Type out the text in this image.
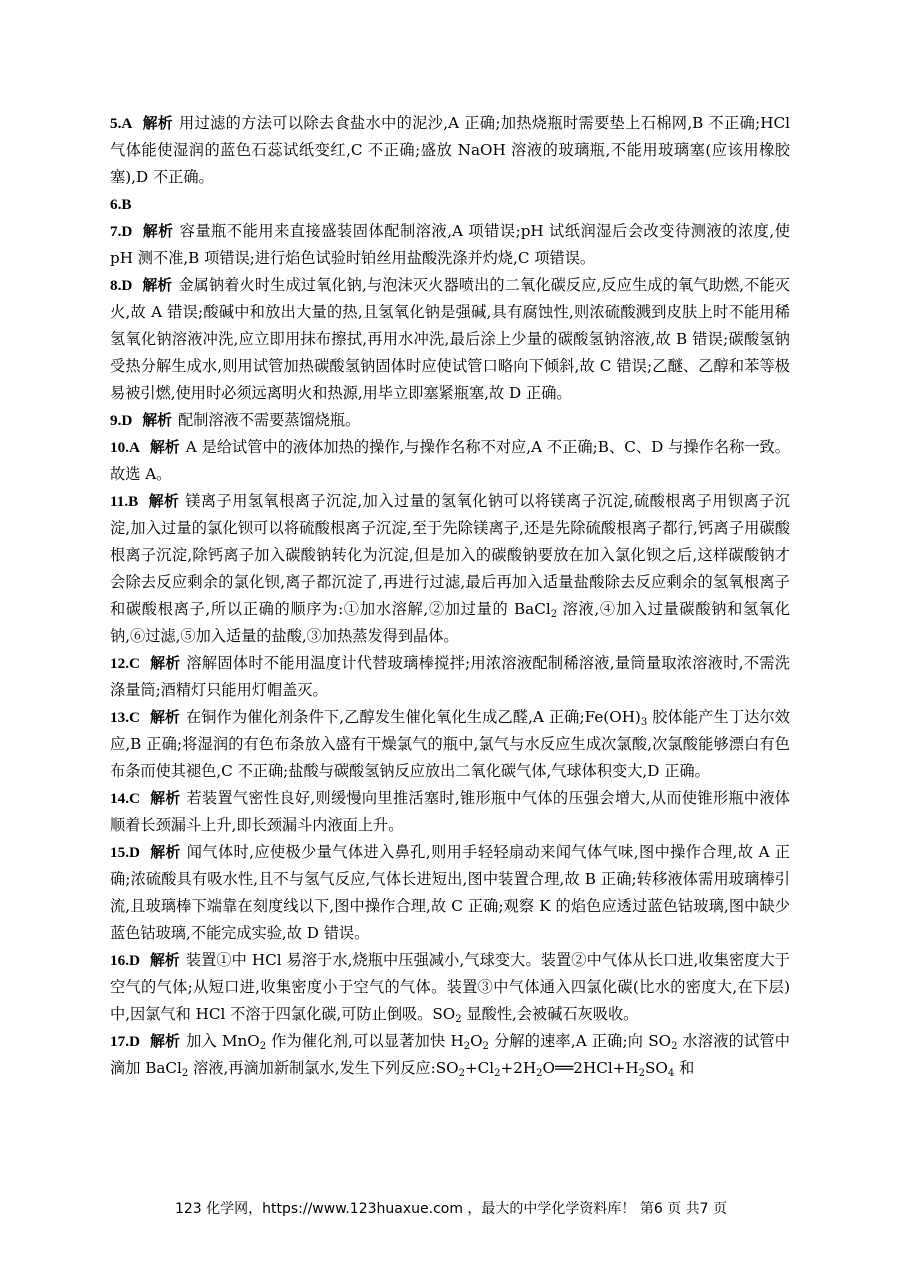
5.A 解析 用过滤的方法可以除去食盐水中的泥沙,A 正确;加热烧瓶时需要垫上石棉网,B 不正确;HCl 气体能使湿润的蓝色石蕊试纸变红,C 不正确;盛放 NaOH 溶液的玻璃瓶,不能用玻璃塞(应该用橡胶塞),D 不正确。

6.B

7.D 解析 容量瓶不能用来直接盛装固体配制溶液,A 项错误;pH 试纸润湿后会改变待测液的浓度,使 pH 测不准,B 项错误;进行焰色试验时铂丝用盐酸洗涤并灼烧,C 项错误。

8.D 解析 金属钠着火时生成过氧化钠,与泡沫灭火器喷出的二氧化碳反应,反应生成的氧气助燃,不能灭火,故 A 错误;酸碱中和放出大量的热,且氢氧化钠是强碱,具有腐蚀性,则浓硫酸溅到皮肤上时不能用稀氢氧化钠溶液冲洗,应立即用抹布擦拭,再用水冲洗,最后涂上少量的碳酸氢钠溶液,故 B 错误;碳酸氢钠受热分解生成水,则用试管加热碳酸氢钠固体时应使试管口略向下倾斜,故 C 错误;乙醚、乙醇和苯等极易被引燃,使用时必须远离明火和热源,用毕立即塞紧瓶塞,故 D 正确。

9.D 解析 配制溶液不需要蒸馏烧瓶。

10.A 解析 A 是给试管中的液体加热的操作,与操作名称不对应,A 不正确;B、C、D 与操作名称一致。故选 A。

11.B 解析 镁离子用氢氧根离子沉淀,加入过量的氢氧化钠可以将镁离子沉淀,硫酸根离子用钡离子沉淀,加入过量的氯化钡可以将硫酸根离子沉淀,至于先除镁离子,还是先除硫酸根离子都行,钙离子用碳酸根离子沉淀,除钙离子加入碳酸钠转化为沉淀,但是加入的碳酸钠要放在加入氯化钡之后,这样碳酸钠才会除去反应剩余的氯化钡,离子都沉淀了,再进行过滤,最后再加入适量盐酸除去反应剩余的氢氧根离子和碳酸根离子,所以正确的顺序为:①加水溶解,②加过量的 BaCl$_2$ 溶液,④加入过量碳酸钠和氢氧化钠,⑥过滤,⑤加入适量的盐酸,③加热蒸发得到晶体。

12.C 解析 溶解固体时不能用温度计代替玻璃棒搅拌;用浓溶液配制稀溶液,量筒量取浓溶液时,不需洗涤量筒;酒精灯只能用灯帽盖灭。

13.C 解析 在铜作为催化剂条件下,乙醇发生催化氧化生成乙醛,A 正确$;Fe(OH)_3$ 胶体能产生丁达尔效应,B 正确;将湿润的有色布条放入盛有干燥氯气的瓶中,氯气与水反应生成次氯酸,次氯酸能够漂白有色布条而使其褪色,C 不正确;盐酸与碳酸氢钠反应放出二氧化碳气体,气球体积变大,D 正确。

14.C 解析 若装置气密性良好,则缓慢向里推活塞时,锥形瓶中气体的压强会增大,从而使锥形瓶中液体顺着长颈漏斗上升,即长颈漏斗内液面上升。

15.D 解析 闻气体时,应使极少量气体进入鼻孔,则用手轻轻扇动来闻气体气味,图中操作合理,故 A 正确;浓硫酸具有吸水性,且不与氢气反应,气体长进短出,图中装置合理,故 B 正确;转移液体需用玻璃棒引流,且玻璃棒下端靠在刻度线以下,图中操作合理,故 C 正确;观察 K 的焰色应透过蓝色钴玻璃,图中缺少蓝色钴玻璃,不能完成实验,故 D 错误。

16.D 解析 装置①中 HCl 易溶于水,烧瓶中压强减小,气球变大。装置②中气体从长口进,收集密度大于空气的气体;从短口进,收集密度小于空气的气体。装置③中气体通入四氯化碳(比水的密度大,在下层)中,因氯气和 HCl 不溶于四氯化碳,可防止倒吸。$SO_2$ 显酸性,会被碱石灰吸收。

17.D 解析 加入 MnO$_2$ 作为催化剂,可以显著加快 $H_2O_2$ 分解的速率,A 正确;向 $SO_2$ 水溶液的试管中滴加 BaCl$_2$ 溶液,再滴加新制氯水,发生下列反应$:SO_2+Cl_2+2H_2O══2HCl+H_2SO_4$ 和

123 化学网，https://www.123huaxue.com ，最大的中学化学资料库！ 第6 页 共7 页
